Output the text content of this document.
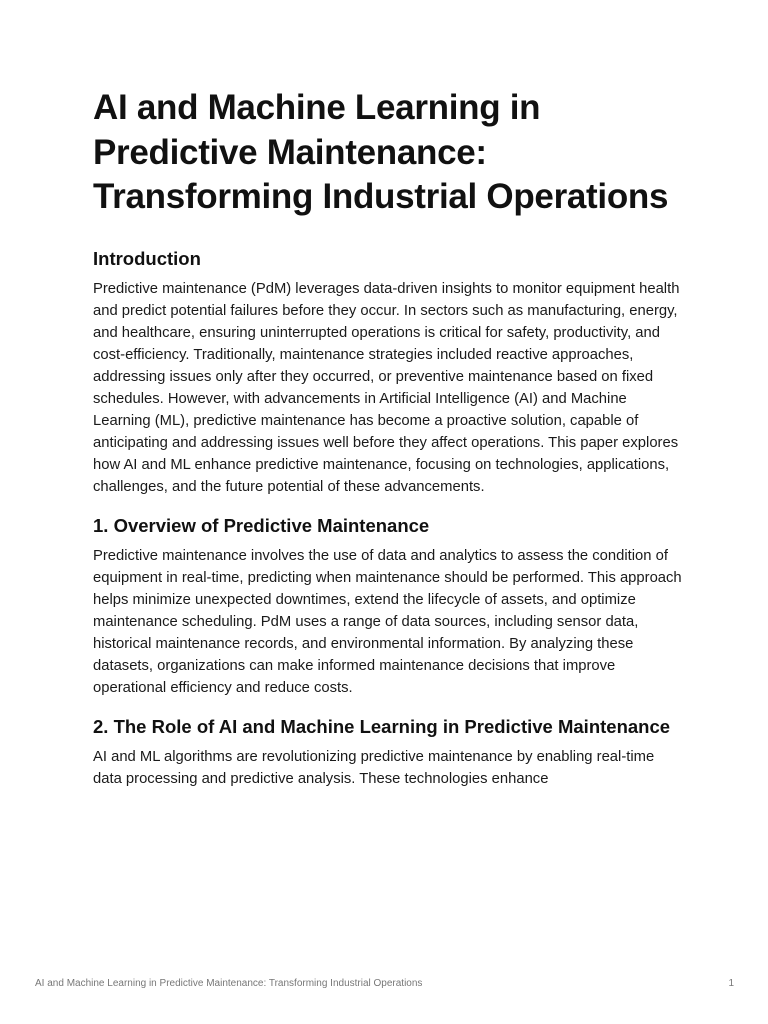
AI and Machine Learning in Predictive Maintenance: Transforming Industrial Operations
Introduction

Predictive maintenance (PdM) leverages data-driven insights to monitor equipment health and predict potential failures before they occur. In sectors such as manufacturing, energy, and healthcare, ensuring uninterrupted operations is critical for safety, productivity, and cost-efficiency. Traditionally, maintenance strategies included reactive approaches, addressing issues only after they occurred, or preventive maintenance based on fixed schedules. However, with advancements in Artificial Intelligence (AI) and Machine Learning (ML), predictive maintenance has become a proactive solution, capable of anticipating and addressing issues well before they affect operations. This paper explores how AI and ML enhance predictive maintenance, focusing on technologies, applications, challenges, and the future potential of these advancements.

1. Overview of Predictive Maintenance

Predictive maintenance involves the use of data and analytics to assess the condition of equipment in real-time, predicting when maintenance should be performed. This approach helps minimize unexpected downtimes, extend the lifecycle of assets, and optimize maintenance scheduling. PdM uses a range of data sources, including sensor data, historical maintenance records, and environmental information. By analyzing these datasets, organizations can make informed maintenance decisions that improve operational efficiency and reduce costs.

2. The Role of AI and Machine Learning in Predictive Maintenance

AI and ML algorithms are revolutionizing predictive maintenance by enabling real-time data processing and predictive analysis. These technologies enhance

AI and Machine Learning in Predictive Maintenance: Transforming Industrial Operations	1
